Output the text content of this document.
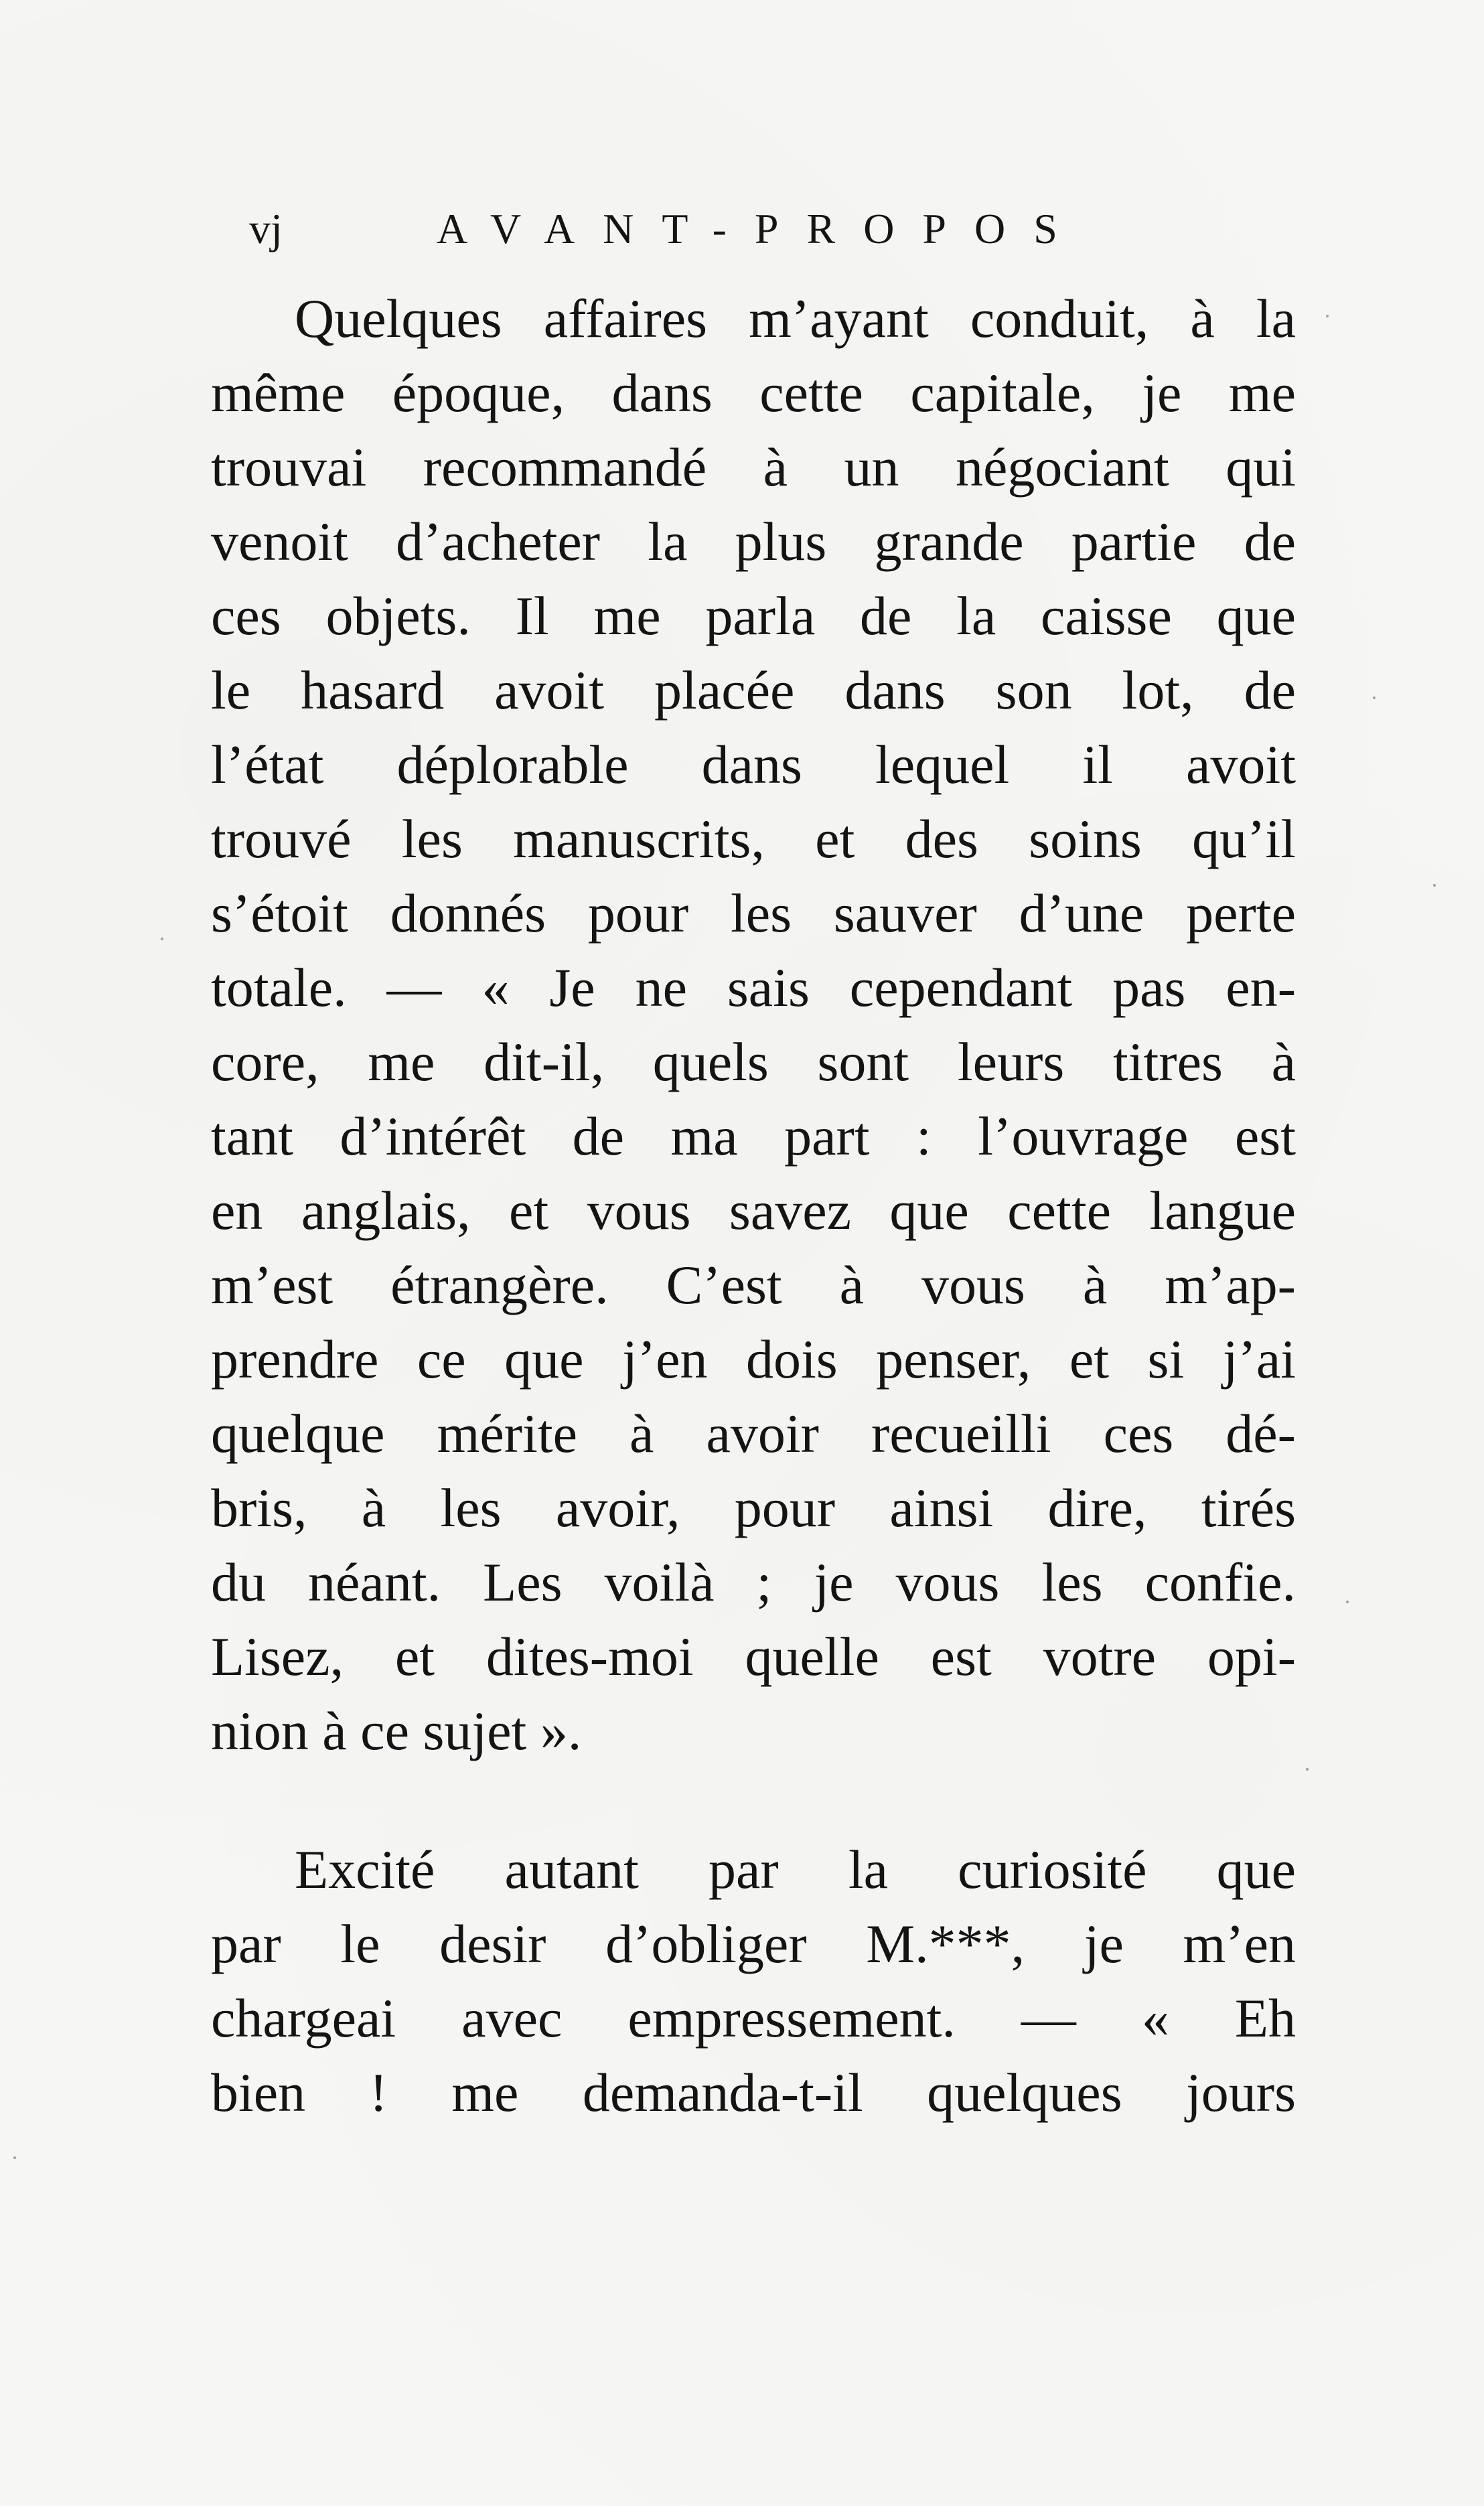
vj	AVANT-PROPOS
Quelques affaires m’ayant conduit, à la
même époque, dans cette capitale, je me
trouvai recommandé à un négociant qui
venoit d’acheter la plus grande partie de
ces objets. Il me parla de la caisse que
le hasard avoit placée dans son lot, de
l’état déplorable dans lequel il avoit
trouvé les manuscrits, et des soins qu’il
s’étoit donnés pour les sauver d’une perte
totale. — « Je ne sais cependant pas en-
core, me dit-il, quels sont leurs titres à
tant d’intérêt de ma part : l’ouvrage est
en anglais, et vous savez que cette langue
m’est étrangère. C’est à vous à m’ap-
prendre ce que j’en dois penser, et si j’ai
quelque mérite à avoir recueilli ces dé-
bris, à les avoir, pour ainsi dire, tirés
du néant. Les voilà ; je vous les confie.
Lisez, et dites-moi quelle est votre opi-
nion à ce sujet ».
Excité autant par la curiosité que
par le desir d’obliger M.***, je m’en
chargeai avec empressement. — « Eh
bien ! me demanda-t-il quelques jours
